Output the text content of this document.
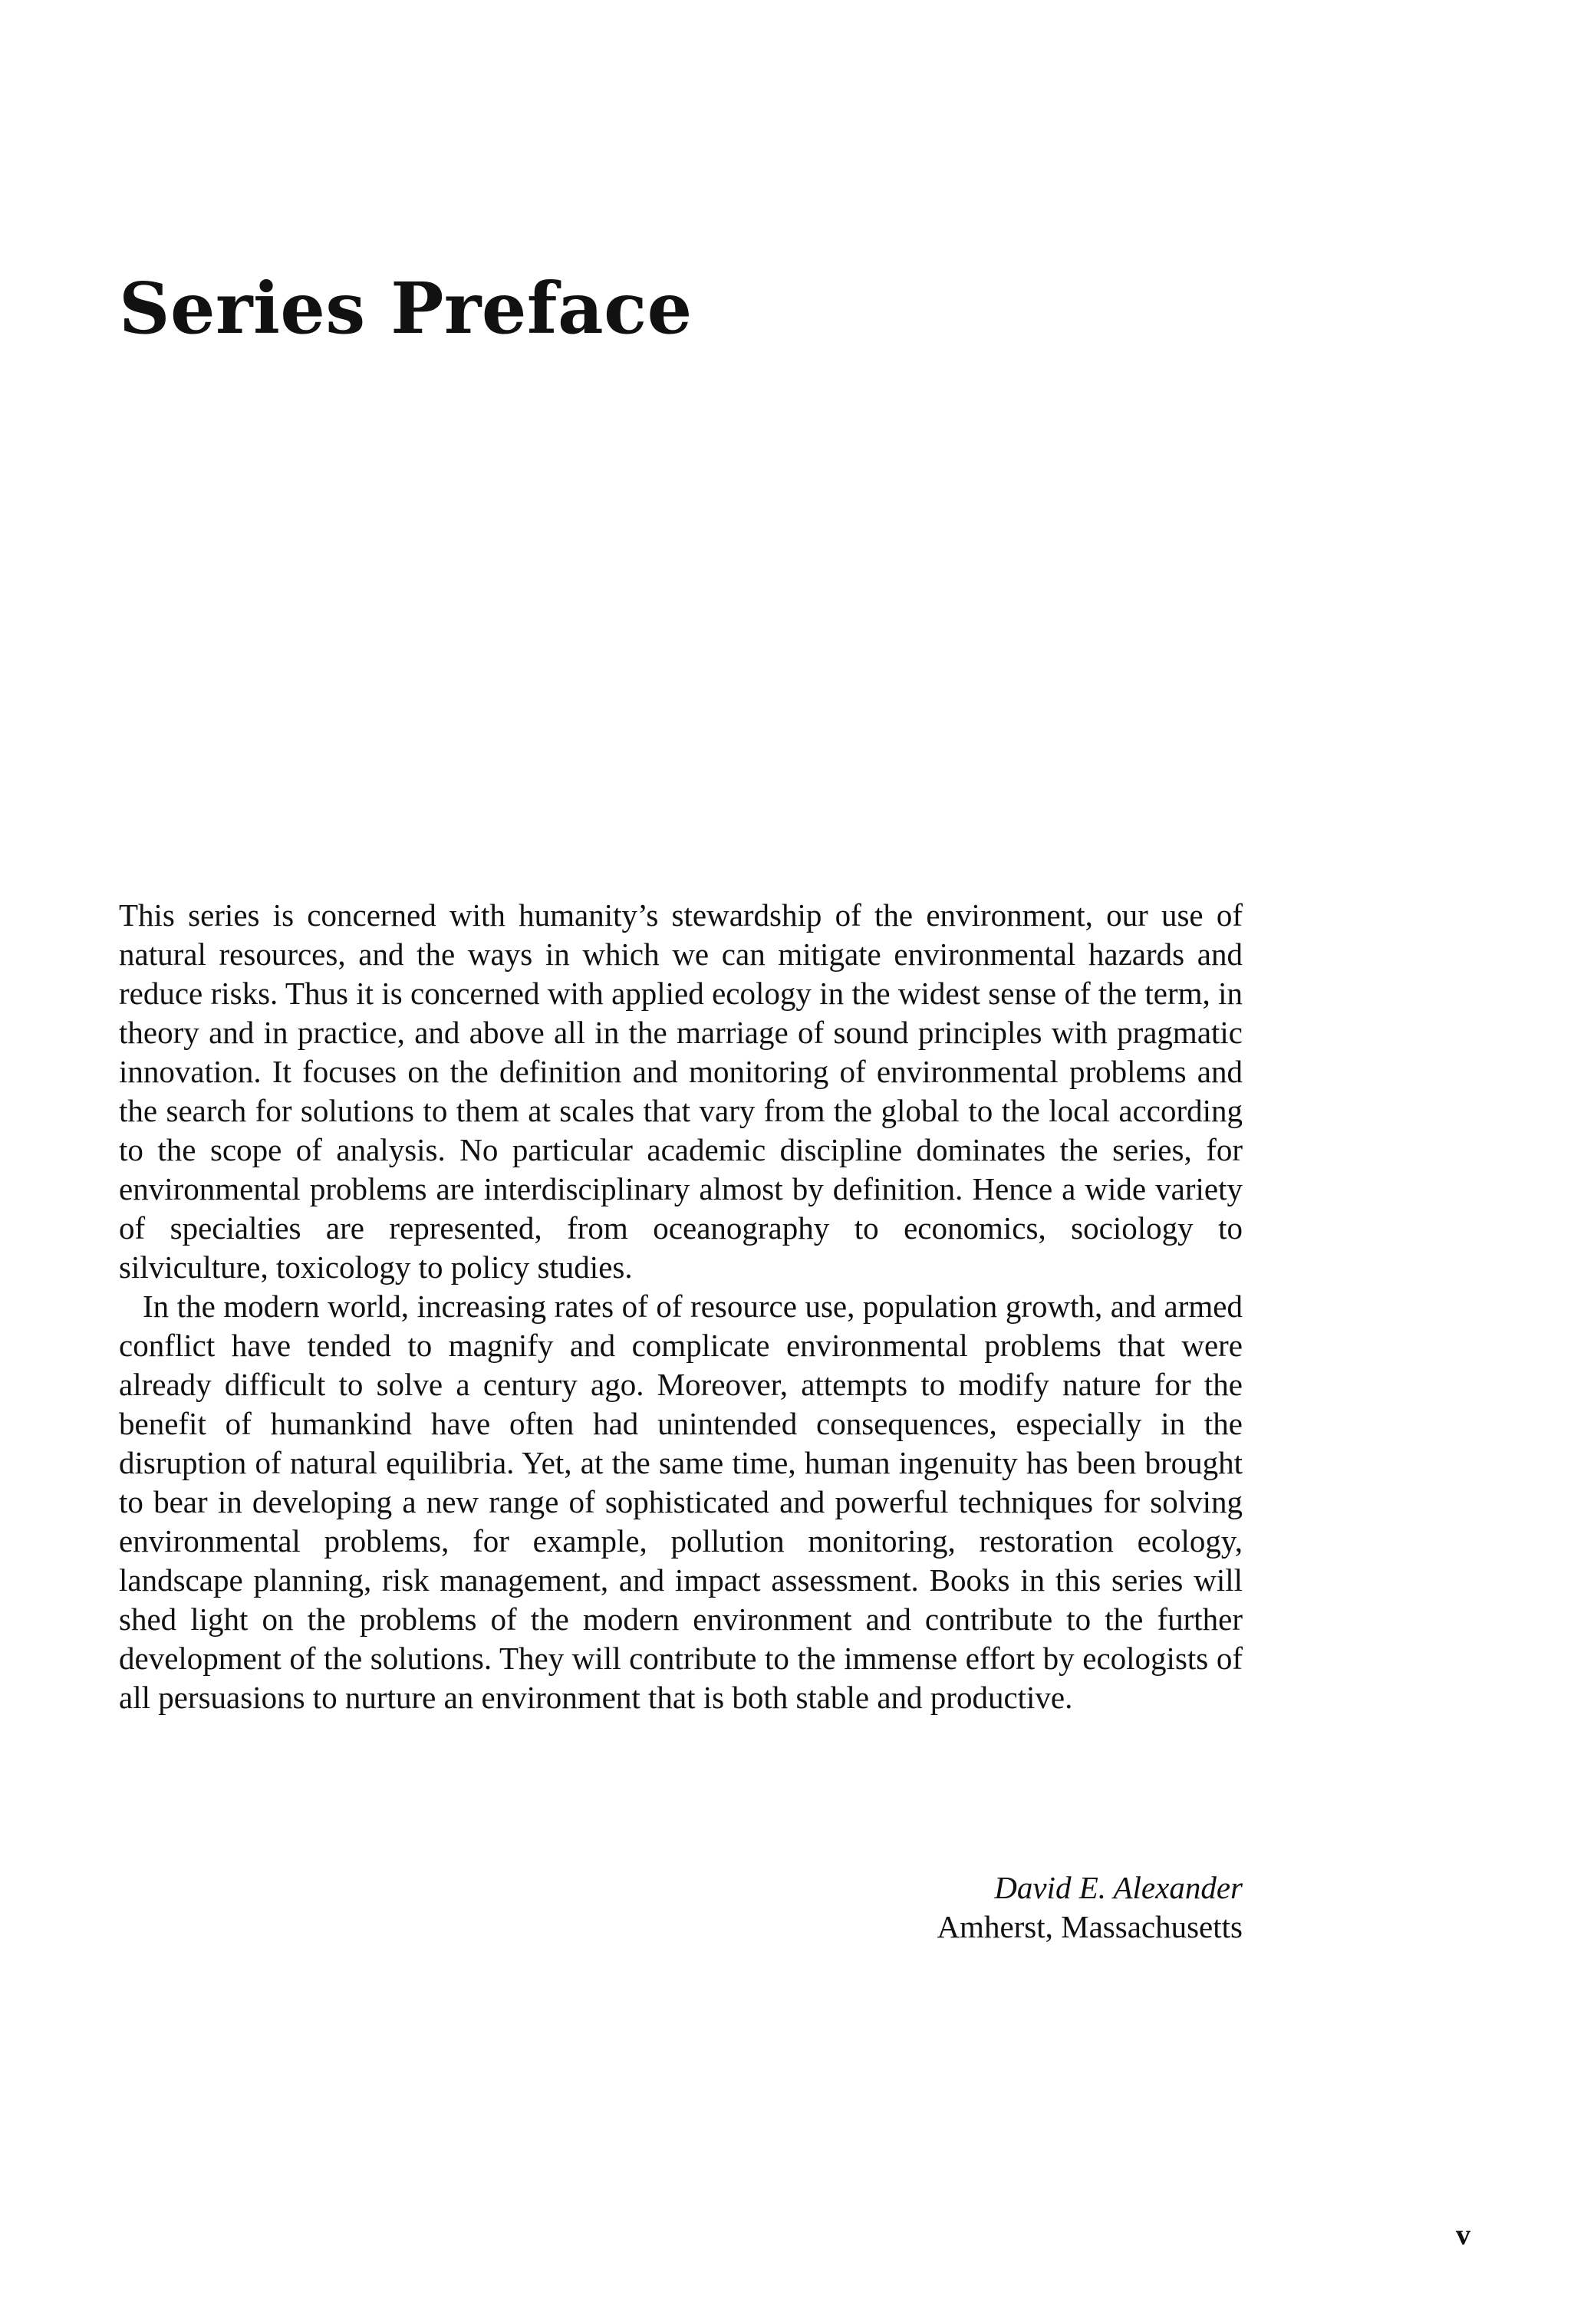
Series Preface

This series is concerned with humanity’s stewardship of the environment, our use of natural resources, and the ways in which we can mitigate environmental hazards and reduce risks. Thus it is concerned with applied ecology in the widest sense of the term, in theory and in practice, and above all in the marriage of sound principles with pragmatic innovation. It focuses on the definition and monitoring of environmental problems and the search for solutions to them at scales that vary from the global to the local according to the scope of analysis. No particular academic discipline dominates the series, for environmental problems are interdisciplinary almost by definition. Hence a wide variety of specialties are represented, from oceanography to economics, sociology to silviculture, toxicology to policy studies.

In the modern world, increasing rates of of resource use, population growth, and armed conflict have tended to magnify and complicate environmental problems that were already difficult to solve a century ago. Moreover, attempts to modify nature for the benefit of humankind have often had unintended consequences, especially in the disruption of natural equilibria. Yet, at the same time, human ingenuity has been brought to bear in developing a new range of sophisticated and powerful techniques for solving environmental problems, for example, pollution monitoring, restoration ecology, landscape planning, risk management, and impact assessment. Books in this series will shed light on the problems of the modern environment and contribute to the further development of the solutions. They will contribute to the immense effort by ecologists of all persuasions to nurture an environment that is both stable and productive.

David E. Alexander
Amherst, Massachusetts
v
